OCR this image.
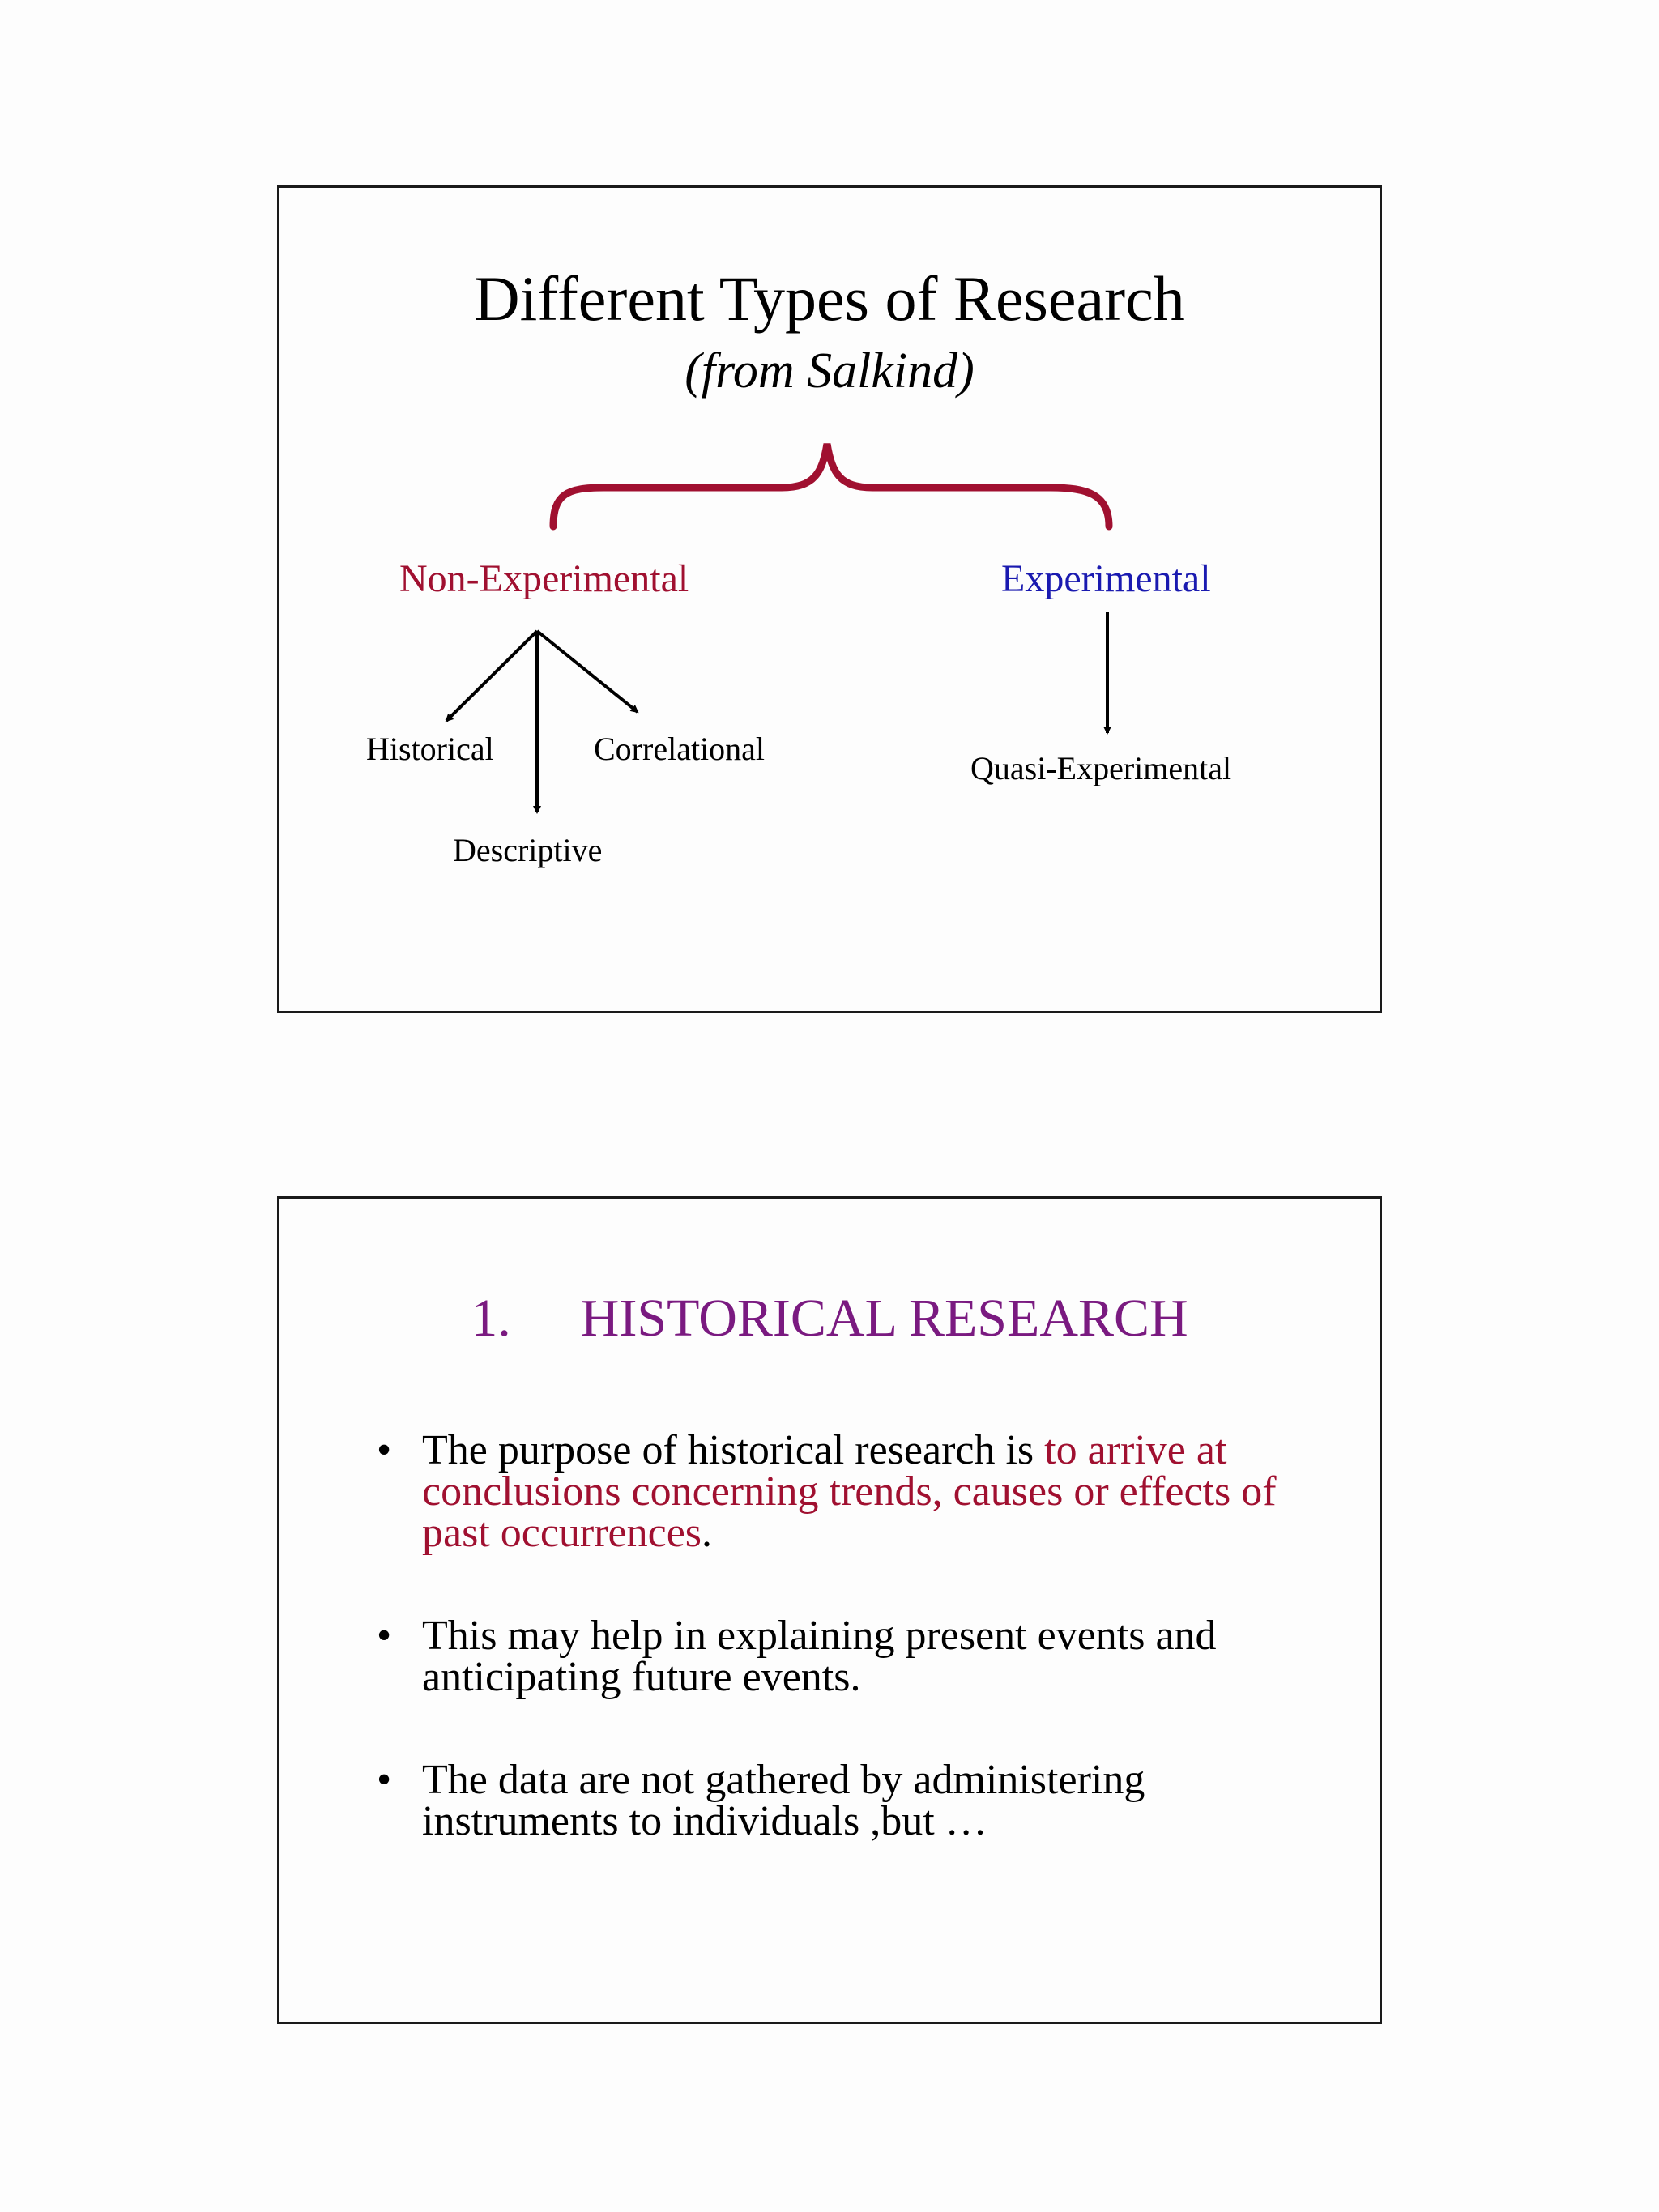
Different Types of Research
(from Salkind)
Non-Experimental	Experimental
Historical	Correlational
Descriptive
Quasi-Experimental
1. HISTORICAL RESEARCH
• The purpose of historical research is to arrive at conclusions concerning trends, causes or effects of past occurrences.
• This may help in explaining present events and anticipating future events.
• The data are not gathered by administering instruments to individuals ,but …
